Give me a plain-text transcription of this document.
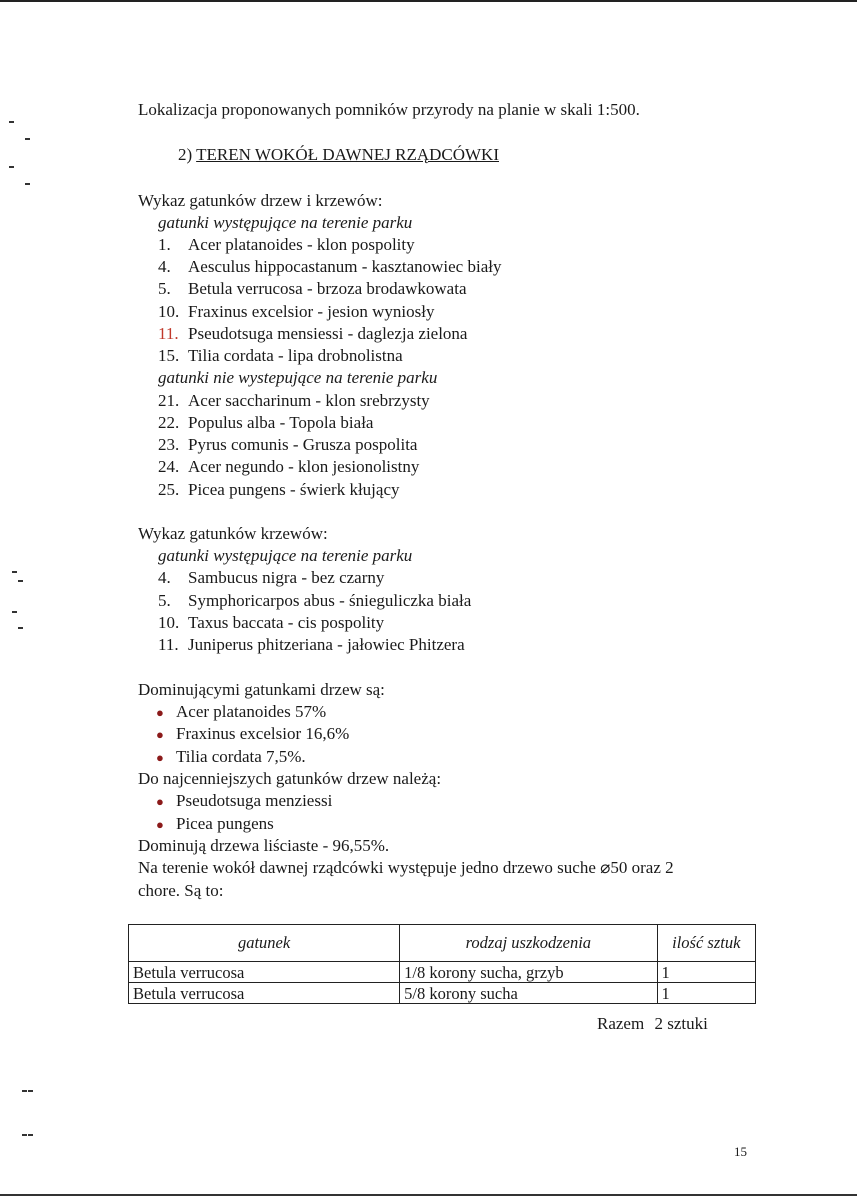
Lokalizacja proponowanych pomników przyrody na planie w skali 1:500.
2) TEREN WOKÓŁ DAWNEJ RZĄDCÓWKI
Wykaz gatunków drzew i krzewów:
gatunki występujące na terenie parku
1. Acer platanoides - klon pospolity
4. Aesculus hippocastanum - kasztanowiec biały
5. Betula verrucosa - brzoza brodawkowata
10. Fraxinus excelsior - jesion wyniosły
11. Pseudotsuga mensiessi - daglezja zielona
15. Tilia cordata - lipa drobnolistna
gatunki nie wystepujące na terenie parku
21. Acer saccharinum - klon srebrzysty
22. Populus alba - Topola biała
23. Pyrus comunis - Grusza pospolita
24. Acer negundo - klon jesionolistny
25. Picea pungens - świerk kłujący
Wykaz gatunków krzewów:
gatunki występujące na terenie parku
4. Sambucus nigra - bez czarny
5. Symphoricarpos abus - śnieguliczka biała
10. Taxus baccata - cis pospolity
11. Juniperus phitzeriana - jałowiec Phitzera
Dominującymi gatunkami drzew są:
● Acer platanoides 57%
● Fraxinus excelsior 16,6%
● Tilia cordata 7,5%.
Do najcenniejszych gatunków drzew należą:
● Pseudotsuga menziessi
● Picea pungens
Dominują drzewa liściaste - 96,55%.
Na terenie wokół dawnej rządcówki występuje jedno drzewo suche ⌀50 oraz 2
chore. Są to:
gatunek	rodzaj uszkodzenia	ilość sztuk
Betula verrucosa	1/8 korony sucha, grzyb	1
Betula verrucosa	5/8 korony sucha	1
Razem 2 sztuki
15
